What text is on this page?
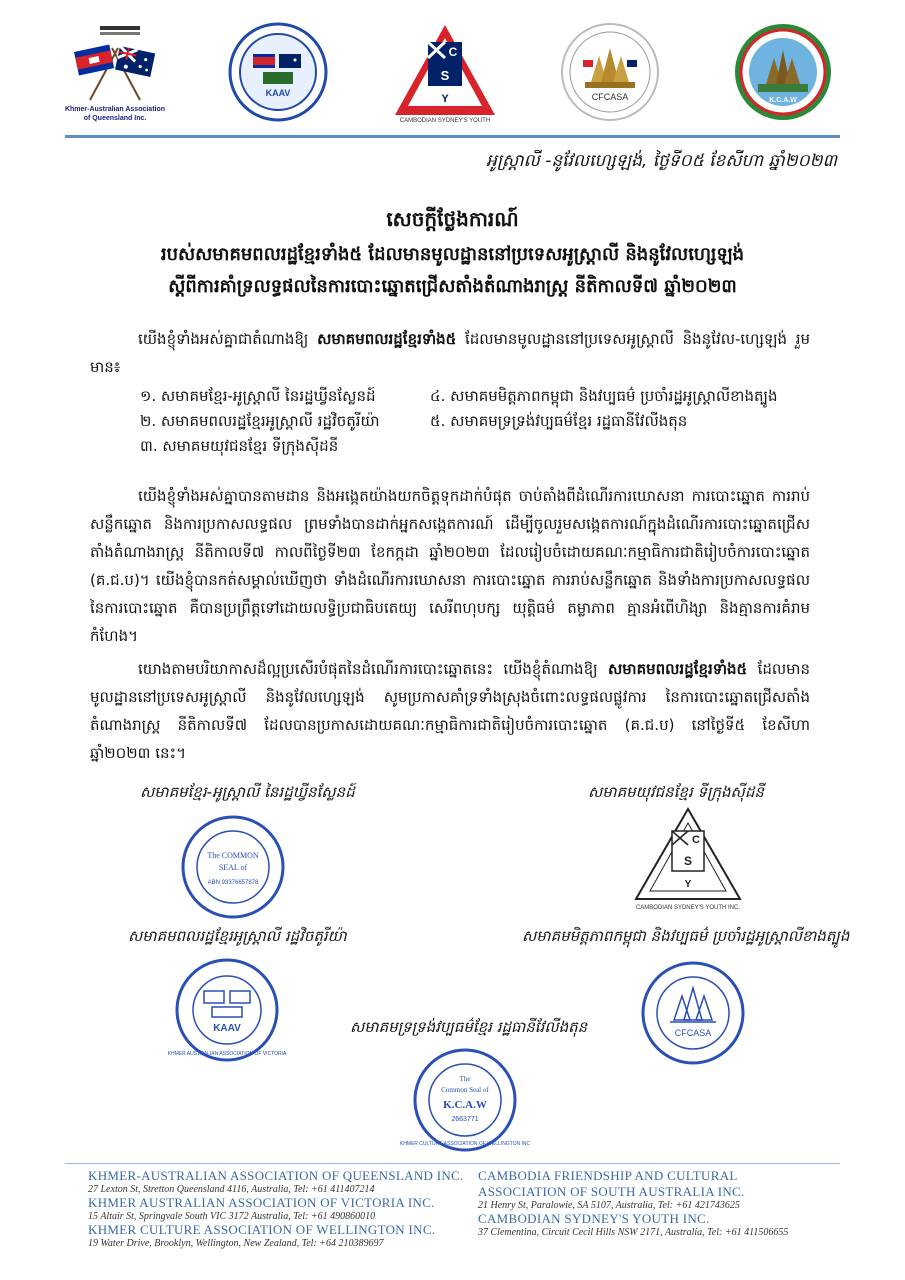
Khmer-Australian Association
of Queensland Inc.
KAAV
C
S
Y
CAMBODIAN SYDNEY'S YOUTH
CFCASA	K.C.A.W
អូស្ត្រាលី -នូវែលហ្សេឡង់, ថ្ងៃទី០៥ ខែសីហា ឆ្នាំ២០២៣
សេចក្តីថ្លែងការណ៍
របស់សមាគមពលរដ្ឋខ្មែរទាំង៥ ដែលមានមូលដ្ឋាននៅប្រទេសអូស្ត្រាលី និងនូវែលហ្សេឡង់
ស្តីពីការគាំទ្រលទ្ធផលនៃការបោះឆ្នោតជ្រើសតាំងតំណាងរាស្ត្រ នីតិកាលទី៧ ឆ្នាំ២០២៣
យើងខ្ញុំទាំងអស់គ្នាជាតំណាងឱ្យ សមាគមពលរដ្ឋខ្មែរទាំង៥ ដែលមានមូលដ្ឋាននៅប្រទេសអូស្ត្រាលី និងនូវែល-ហ្សេឡង់ រួមមាន៖
១. សមាគមខ្មែរ-អូស្ត្រាលី នៃរដ្ឋឃ្វីនស្លែនដ៍
២. សមាគមពលរដ្ឋខ្មែរអូស្ត្រាលី រដ្ឋវិចតូរីយ៉ា
៣. សមាគមយុវជនខ្មែរ ទីក្រុងស៊ីដនី
៤. សមាគមមិត្តភាពកម្ពុជា និងវប្បធម៌ ប្រចាំរដ្ឋអូស្ត្រាលីខាងត្បូង
៥. សមាគមទ្រទ្រង់វប្បធម៌ខ្មែរ រដ្ឋធានីវែលីងតុន
យើងខ្ញុំទាំងអស់គ្នាបានតាមដាន និងអង្កេតយ៉ាងយកចិត្តទុកដាក់បំផុត ចាប់តាំងពីដំណើរការឃោសនា ការបោះឆ្នោត ការរាប់សន្លឹកឆ្នោត និងការប្រកាសលទ្ធផល ព្រមទាំងបានដាក់អ្នកសង្កេតការណ៍ ដើម្បីចូលរួមសង្កេតការណ៍ក្នុងដំណើរការបោះឆ្នោតជ្រើសតាំងតំណាងរាស្ត្រ នីតិកាលទី៧ កាលពីថ្ងៃទី២៣ ខែកក្កដា ឆ្នាំ២០២៣ ដែលរៀបចំដោយគណៈកម្មាធិការជាតិរៀបចំការបោះឆ្នោត (គ.ជ.ប)។ យើងខ្ញុំបានកត់សម្គាល់ឃើញថា ទាំងដំណើរការឃោសនា ការបោះឆ្នោត ការរាប់សន្លឹកឆ្នោត និងទាំងការប្រកាសលទ្ធផលនៃការបោះឆ្នោត គឺបានប្រព្រឹត្តទៅដោយលទ្ធិប្រជាធិបតេយ្យ សេរីពហុបក្ស យុត្តិធម៌ តម្លាភាព គ្មានអំពើហិង្សា និងគ្មានការគំរាមកំហែង។
យោងតាមបរិយាកាសដ៏ល្អប្រសើរបំផុតនៃដំណើរការបោះឆ្នោតនេះ យើងខ្ញុំតំណាងឱ្យ សមាគមពលរដ្ឋខ្មែរទាំង៥ ដែលមានមូលដ្ឋាននៅប្រទេសអូស្ត្រាលី និងនូវែលហ្សេឡង់ សូមប្រកាសគាំទ្រទាំងស្រុងចំពោះលទ្ធផលផ្លូវការ នៃការបោះឆ្នោតជ្រើសតាំងតំណាងរាស្ត្រ នីតិកាលទី៧ ដែលបានប្រកាសដោយគណៈកម្មាធិការជាតិរៀបចំការបោះឆ្នោត (គ.ជ.ប) នៅថ្ងៃទី៥ ខែសីហា ឆ្នាំ២០២៣ នេះ។
សមាគមខ្មែរ-អូស្ត្រាលី នៃរដ្ឋឃ្វីនស្លែនដ៍	សមាគមយុវជនខ្មែរ ទីក្រុងស៊ីដនី
The COMMON
SEAL of
ABN 93376657878
C
S
Y
CAMBODIAN SYDNEY'S YOUTH INC.
សមាគមពលរដ្ឋខ្មែរអូស្ត្រាលី រដ្ឋវិចតូរីយ៉ា	សមាគមមិត្តភាពកម្ពុជា និងវប្បធម៌ ប្រចាំរដ្ឋអូស្ត្រាលីខាងត្បូង
KAAV
KHMER AUSTRALIAN ASSOCIATION OF VICTORIA
CFCASA
សមាគមទ្រទ្រង់វប្បធម៌ខ្មែរ រដ្ឋធានីវែលីងតុន
The
Common Seal of
K.C.A.W
2663771
KHMER CULTURE ASSOCIATION OF WELLINGTON INC
KHMER-AUSTRALIAN ASSOCIATION OF QUEENSLAND INC.
27 Lexton St, Stretton Queensland 4116, Australia, Tel: +61 411407214
KHMER AUSTRALIAN ASSOCIATION OF VICTORIA INC.
15 Altair St, Springvale South VIC 3172 Australia, Tel: +61 490860010
KHMER CULTURE ASSOCIATION OF WELLINGTON INC.
19 Water Drive, Brooklyn, Wellington, New Zealand, Tel: +64 210389697
CAMBODIA FRIENDSHIP AND CULTURAL
ASSOCIATION OF SOUTH AUSTRALIA INC.
21 Henry St, Paralowie, SA 5107, Australia, Tel: +61 421743625
CAMBODIAN SYDNEY'S YOUTH INC.
37 Clementina, Circuit Cecil Hills NSW 2171, Australia, Tel: +61 411506655
